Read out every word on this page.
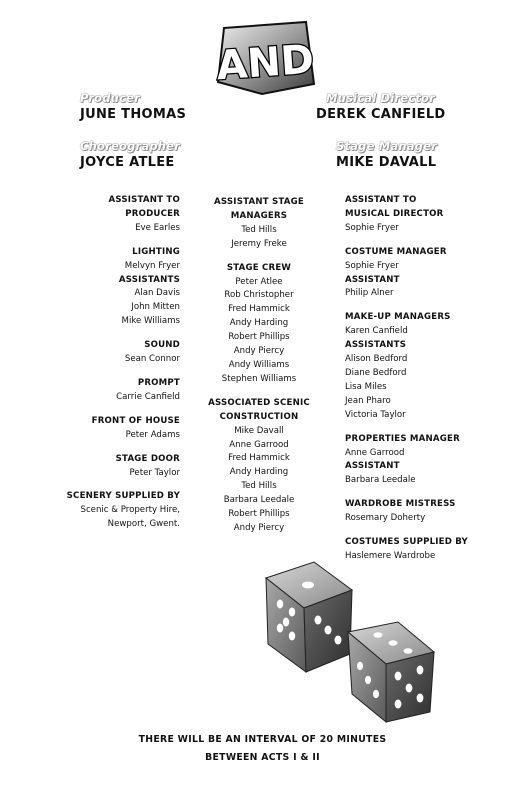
AND
Producer
JUNE THOMAS
Musical Director
DEREK CANFIELD
Choreographer
JOYCE ATLEE
Stage Manager
MIKE DAVALL
ASSISTANT TO
PRODUCER
Eve Earles
LIGHTING
Melvyn Fryer
ASSISTANTS
Alan Davis
John Mitten
Mike Williams
SOUND
Sean Connor
PROMPT
Carrie Canfield
FRONT OF HOUSE
Peter Adams
STAGE DOOR
Peter Taylor
SCENERY SUPPLIED BY
Scenic & Property Hire,
Newport, Gwent.
ASSISTANT STAGE
MANAGERS
Ted Hills
Jeremy Freke
STAGE CREW
Peter Atlee
Rob Christopher
Fred Hammick
Andy Harding
Robert Phillips
Andy Piercy
Andy Williams
Stephen Williams
ASSOCIATED SCENIC
CONSTRUCTION
Mike Davall
Anne Garrood
Fred Hammick
Andy Harding
Ted Hills
Barbara Leedale
Robert Phillips
Andy Piercy
ASSISTANT TO
MUSICAL DIRECTOR
Sophie Fryer
COSTUME MANAGER
Sophie Fryer
ASSISTANT
Philip Alner
MAKE-UP MANAGERS
Karen Canfield
ASSISTANTS
Alison Bedford
Diane Bedford
Lisa Miles
Jean Pharo
Victoria Taylor
PROPERTIES MANAGER
Anne Garrood
ASSISTANT
Barbara Leedale
WARDROBE MISTRESS
Rosemary Doherty
COSTUMES SUPPLIED BY
Haslemere Wardrobe
THERE WILL BE AN INTERVAL OF 20 MINUTES
BETWEEN ACTS I & II
